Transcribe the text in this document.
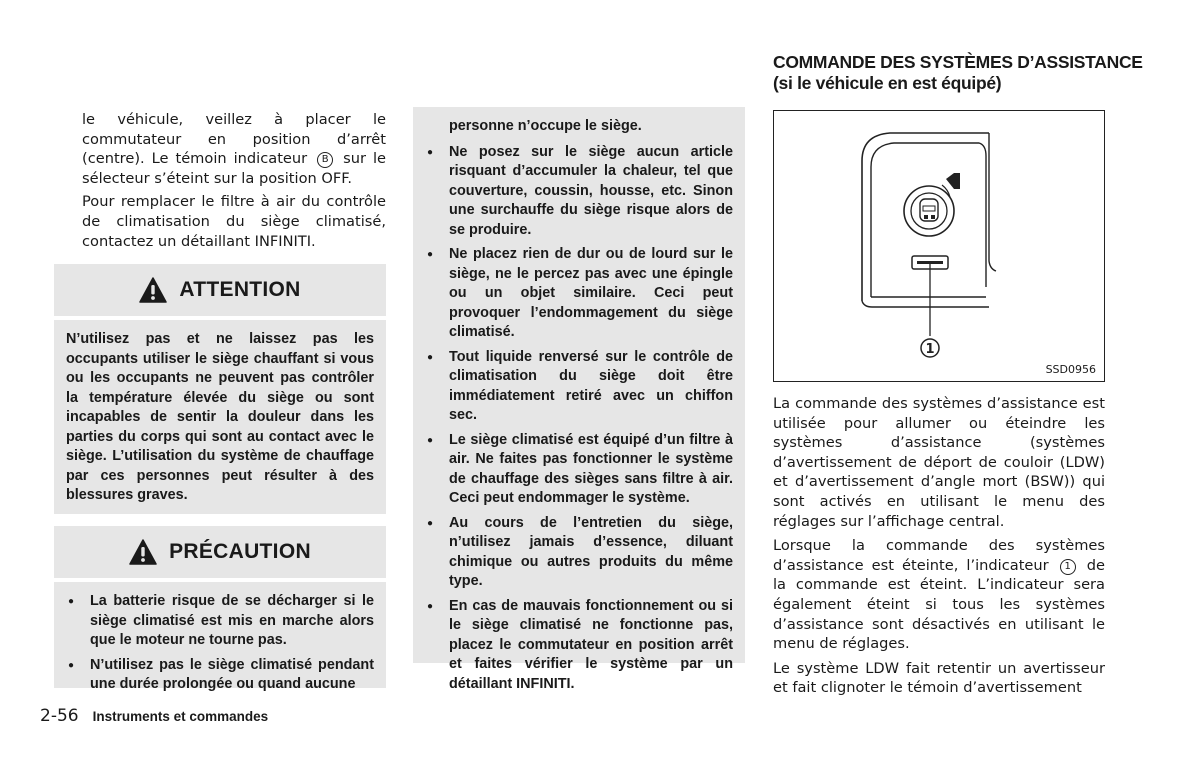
le véhicule, veillez à placer le commutateur en position d’arrêt (centre). Le témoin indicateur B sur le sélecteur s’éteint sur la position OFF.

Pour remplacer le filtre à air du contrôle de climatisation du siège climatisé, contactez un détaillant INFINITI.

ATTENTION

N’utilisez pas et ne laissez pas les occupants utiliser le siège chauffant si vous ou les occupants ne peuvent pas contrôler la température élevée du siège ou sont incapables de sentir la douleur dans les parties du corps qui sont au contact avec le siège. L’utilisation du système de chauffage par ces personnes peut résulter à des blessures graves.

PRÉCAUTION
● La batterie risque de se décharger si le siège climatisé est mis en marche alors que le moteur ne tourne pas.
● N’utilisez pas le siège climatisé pendant une durée prolongée ou quand aucune

personne n’occupe le siège.

● Ne posez sur le siège aucun article risquant d’accumuler la chaleur, tel que couverture, coussin, housse, etc. Sinon une surchauffe du siège risque alors de se produire.
● Ne placez rien de dur ou de lourd sur le siège, ne le percez pas avec une épingle ou un objet similaire. Ceci peut provoquer l’endommagement du siège climatisé.
● Tout liquide renversé sur le contrôle de climatisation du siège doit être immédiatement retiré avec un chiffon sec.
● Le siège climatisé est équipé d’un filtre à air. Ne faites pas fonctionner le système de chauffage des sièges sans filtre à air. Ceci peut endommager le système.
● Au cours de l’entretien du siège, n’utilisez jamais d’essence, diluant chimique ou autres produits du même type.
● En cas de mauvais fonctionnement ou si le siège climatisé ne fonctionne pas, placez le commutateur en position arrêt et faites vérifier le système par un détaillant INFINITI.
COMMANDE DES SYSTÈMES D’ASSISTANCE
(si le véhicule en est équipé)
1
SSD0956

La commande des systèmes d’assistance est utilisée pour allumer ou éteindre les systèmes d’assistance (systèmes d’avertissement de déport de couloir (LDW) et d’avertissement d’angle mort (BSW)) qui sont activés en utilisant le menu des réglages sur l’affichage central.

Lorsque la commande des systèmes d’assistance est éteinte, l’indicateur 1 de la commande est éteint. L’indicateur sera également éteint si tous les systèmes d’assistance sont désactivés en utilisant le menu de réglages.

Le système LDW fait retentir un avertisseur et fait clignoter le témoin d’avertissement

2-56 Instruments et commandes
